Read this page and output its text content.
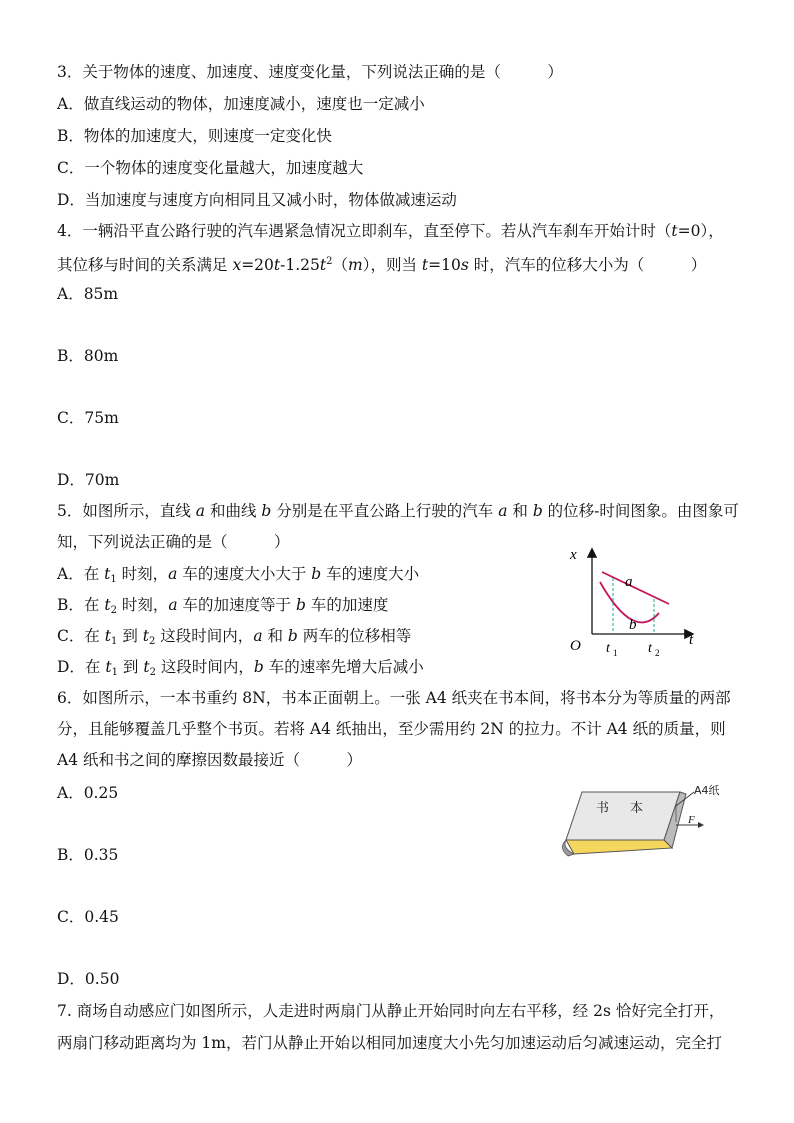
3．关于物体的速度、加速度、速度变化量，下列说法正确的是（　　　）
A．做直线运动的物体，加速度减小，速度也一定减小
B．物体的加速度大，则速度一定变化快
C．一个物体的速度变化量越大，加速度越大
D．当加速度与速度方向相同且又减小时，物体做减速运动
4．一辆沿平直公路行驶的汽车遇紧急情况立即刹车，直至停下。若从汽车刹车开始计时（t=0），
其位移与时间的关系满足 $x=20t-1.25t^2(m)$，则当 t=10s 时，汽车的位移大小为（　　　）
A．85m
B．80m
C．75m
D．70m
5．如图所示，直线 a 和曲线 b 分别是在平直公路上行驶的汽车 a 和 b 的位移-时间图象。由图象可
知，下列说法正确的是（　　　）
A．在 $t_1$ 时刻，a 车的速度大小大于 b 车的速度大小
B．在 $t_2$ 时刻，a 车的加速度等于 b 车的加速度
C．在 $t_1$ 到 $t_2$ 这段时间内，a 和 b 两车的位移相等
D．在 $t_1$ 到 $t_2$ 这段时间内，b 车的速率先增大后减小
x
a
b
O	t
t 1 t 2
6．如图所示，一本书重约 8N，书本正面朝上。一张 A4 纸夹在书本间，将书本分为等质量的两部
分，且能够覆盖几乎整个书页。若将 A4 纸抽出，至少需用约 2N 的拉力。不计 A4 纸的质量，则
A4 纸和书之间的摩擦因数最接近（　　　）
A．0.25
B．0.35
C．0.45
D．0.50
书 本
A4纸
F
7. 商场自动感应门如图所示，人走进时两扇门从静止开始同时向左右平移，经 2s 恰好完全打开，
两扇门移动距离均为 1m，若门从静止开始以相同加速度大小先匀加速运动后匀减速运动，完全打
